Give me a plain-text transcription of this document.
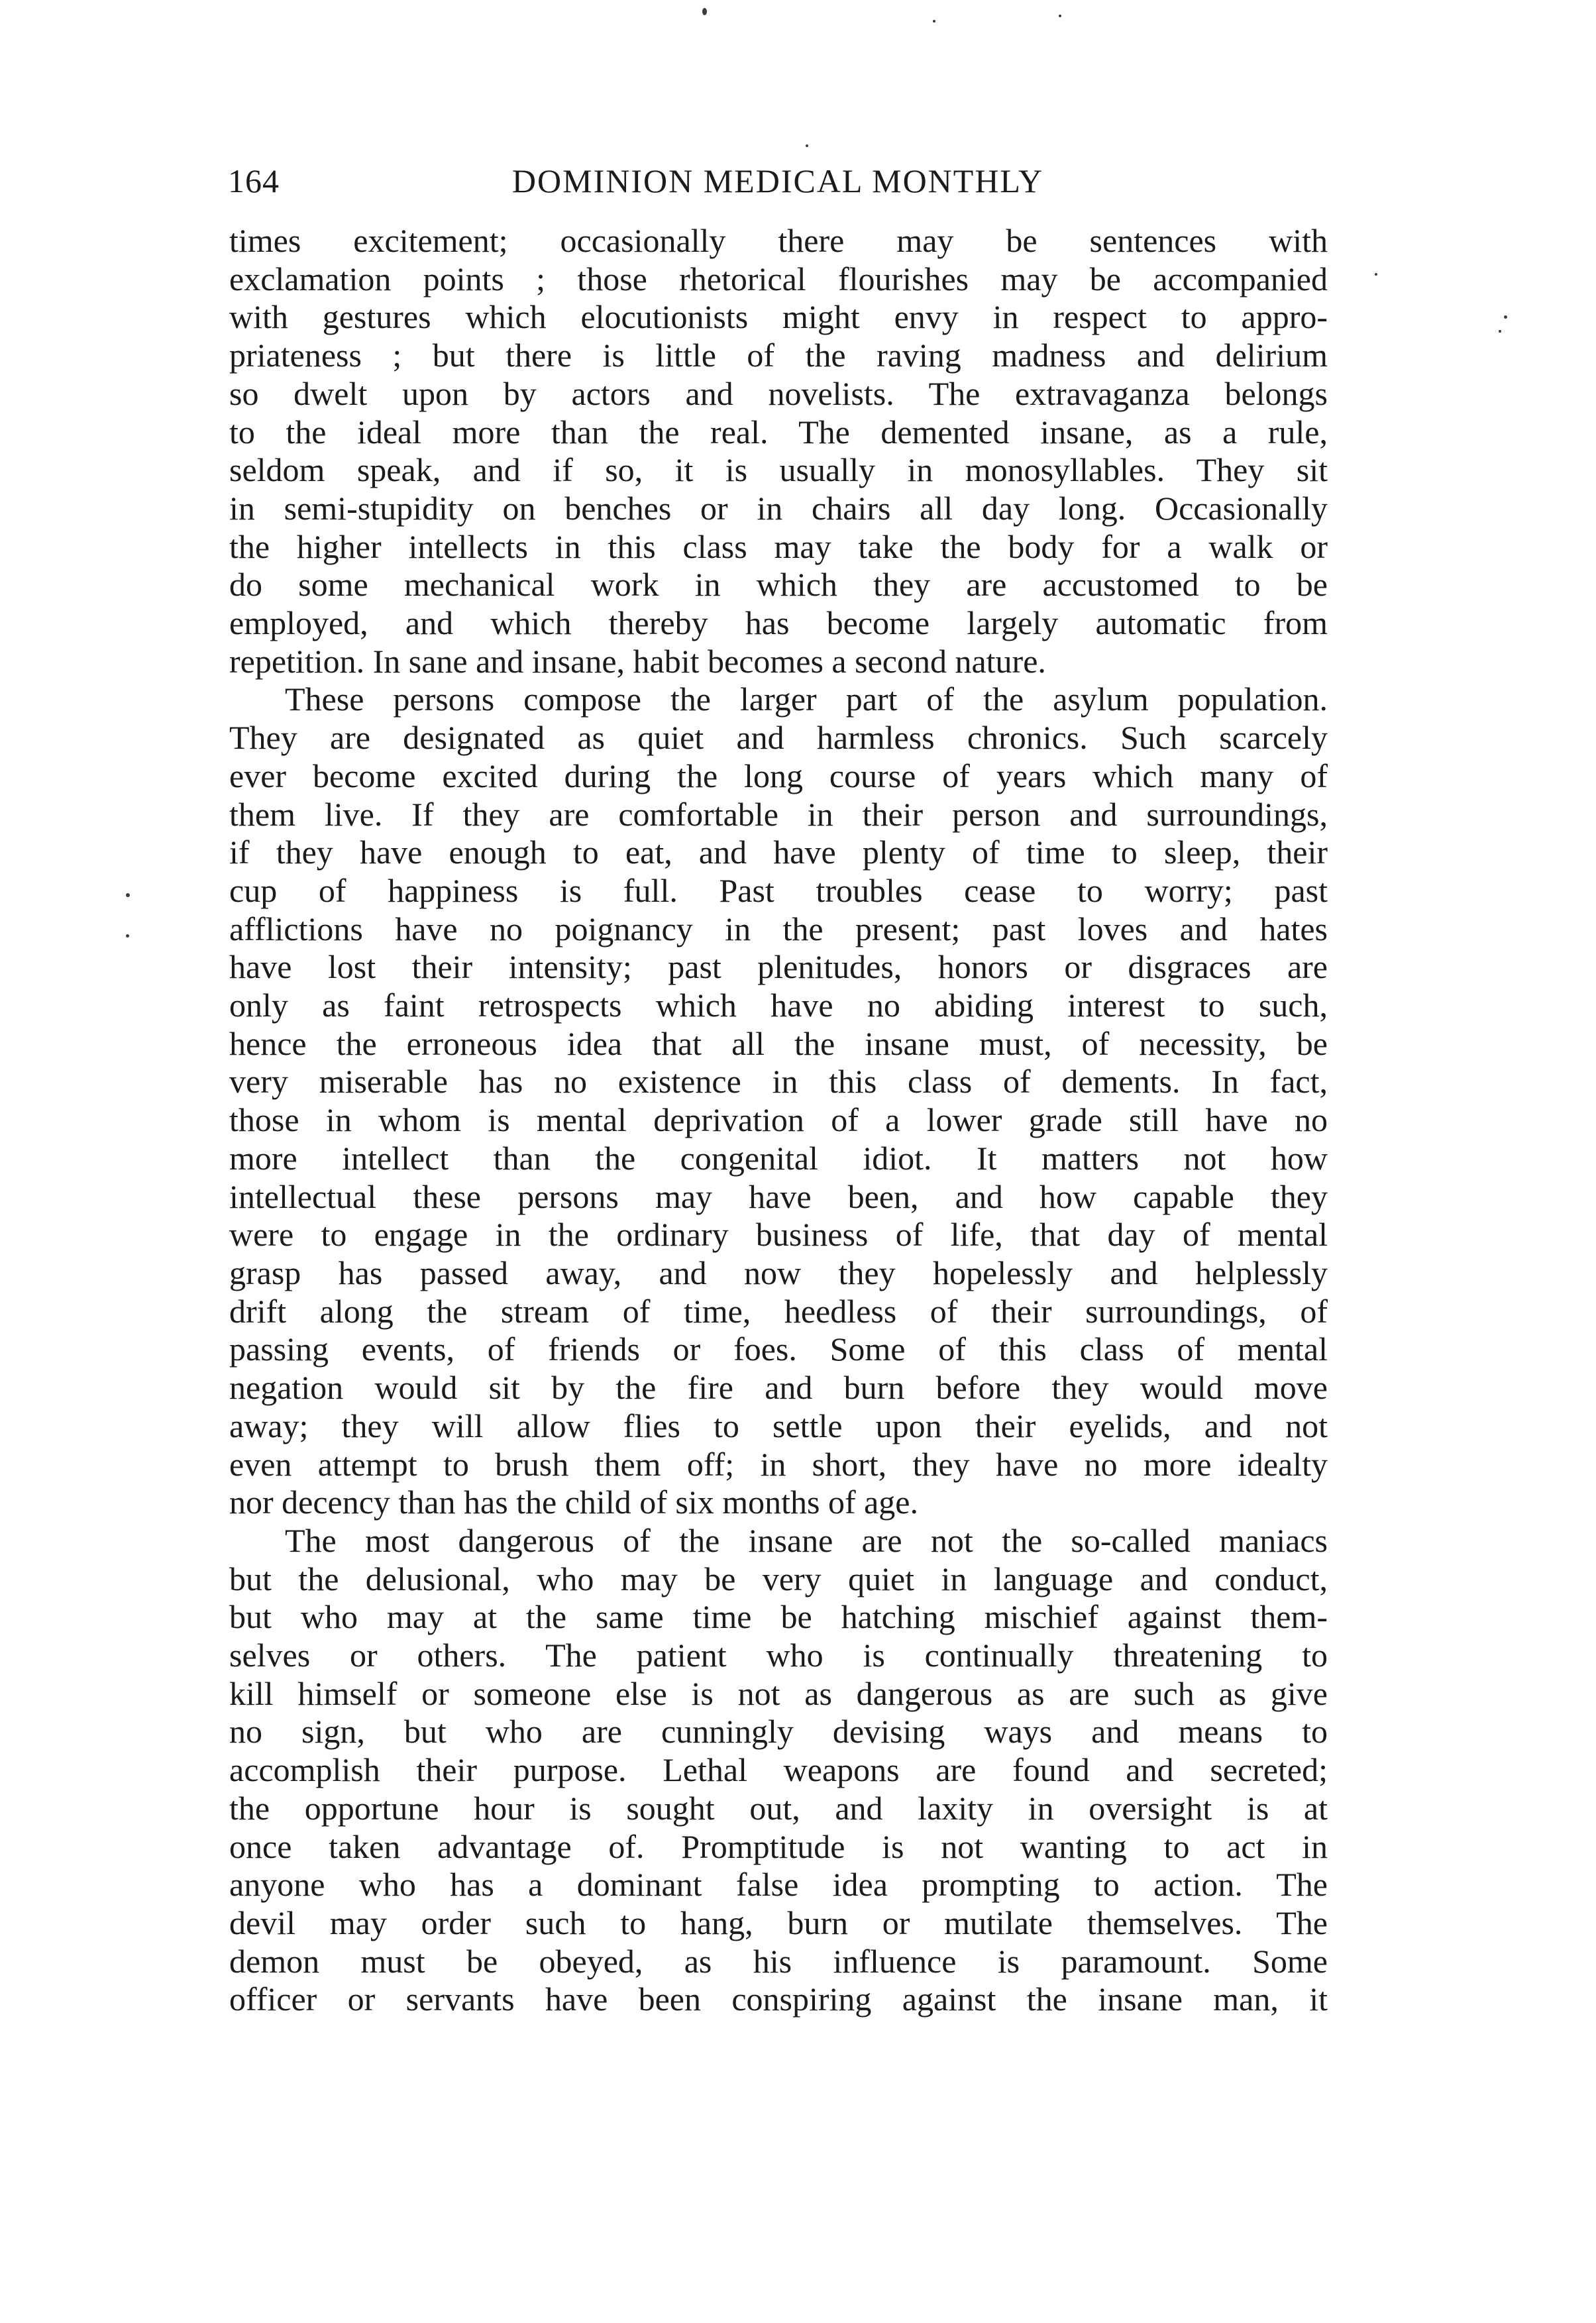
164	DOMINION MEDICAL MONTHLY
times excitement; occasionally there may be sentences with
exclamation points ; those rhetorical flourishes may be accompanied
with gestures which elocutionists might envy in respect to appro-
priateness ; but there is little of the raving madness and delirium
so dwelt upon by actors and novelists. The extravaganza belongs
to the ideal more than the real. The demented insane, as a rule,
seldom speak, and if so, it is usually in monosyllables. They sit
in semi-stupidity on benches or in chairs all day long. Occasionally
the higher intellects in this class may take the body for a walk or
do some mechanical work in which they are accustomed to be
employed, and which thereby has become largely automatic from
repetition. In sane and insane, habit becomes a second nature.
These persons compose the larger part of the asylum population.
They are designated as quiet and harmless chronics. Such scarcely
ever become excited during the long course of years which many of
them live. If they are comfortable in their person and surroundings,
if they have enough to eat, and have plenty of time to sleep, their
cup of happiness is full. Past troubles cease to worry; past
afflictions have no poignancy in the present; past loves and hates
have lost their intensity; past plenitudes, honors or disgraces are
only as faint retrospects which have no abiding interest to such,
hence the erroneous idea that all the insane must, of necessity, be
very miserable has no existence in this class of dements. In fact,
those in whom is mental deprivation of a lower grade still have no
more intellect than the congenital idiot. It matters not how
intellectual these persons may have been, and how capable they
were to engage in the ordinary business of life, that day of mental
grasp has passed away, and now they hopelessly and helplessly
drift along the stream of time, heedless of their surroundings, of
passing events, of friends or foes. Some of this class of mental
negation would sit by the fire and burn before they would move
away; they will allow flies to settle upon their eyelids, and not
even attempt to brush them off; in short, they have no more idealty
nor decency than has the child of six months of age.
The most dangerous of the insane are not the so-called maniacs
but the delusional, who may be very quiet in language and conduct,
but who may at the same time be hatching mischief against them-
selves or others. The patient who is continually threatening to
kill himself or someone else is not as dangerous as are such as give
no sign, but who are cunningly devising ways and means to
accomplish their purpose. Lethal weapons are found and secreted;
the opportune hour is sought out, and laxity in oversight is at
once taken advantage of. Promptitude is not wanting to act in
anyone who has a dominant false idea prompting to action. The
devil may order such to hang, burn or mutilate themselves. The
demon must be obeyed, as his influence is paramount. Some
officer or servants have been conspiring against the insane man, it
